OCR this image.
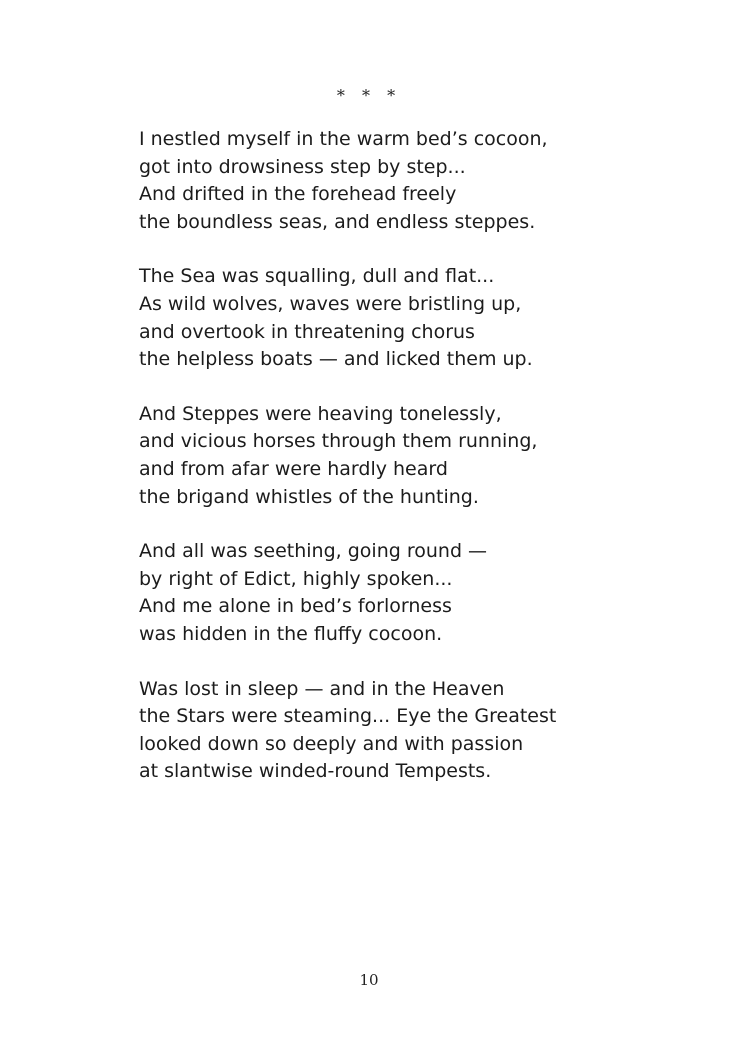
* * *
I nestled myself in the warm bed’s cocoon,
got into drowsiness step by step...
And drifted in the forehead freely
the boundless seas, and endless steppes.
The Sea was squalling, dull and flat...
As wild wolves, waves were bristling up,
and overtook in threatening chorus
the helpless boats — and licked them up.
And Steppes were heaving tonelessly,
and vicious horses through them running,
and from afar were hardly heard
the brigand whistles of the hunting.
And all was seething, going round —
by right of Edict, highly spoken...
And me alone in bed’s forlorness
was hidden in the fluffy cocoon.
Was lost in sleep — and in the Heaven
the Stars were steaming... Eye the Greatest
looked down so deeply and with passion
at slantwise winded-round Tempests.
10
